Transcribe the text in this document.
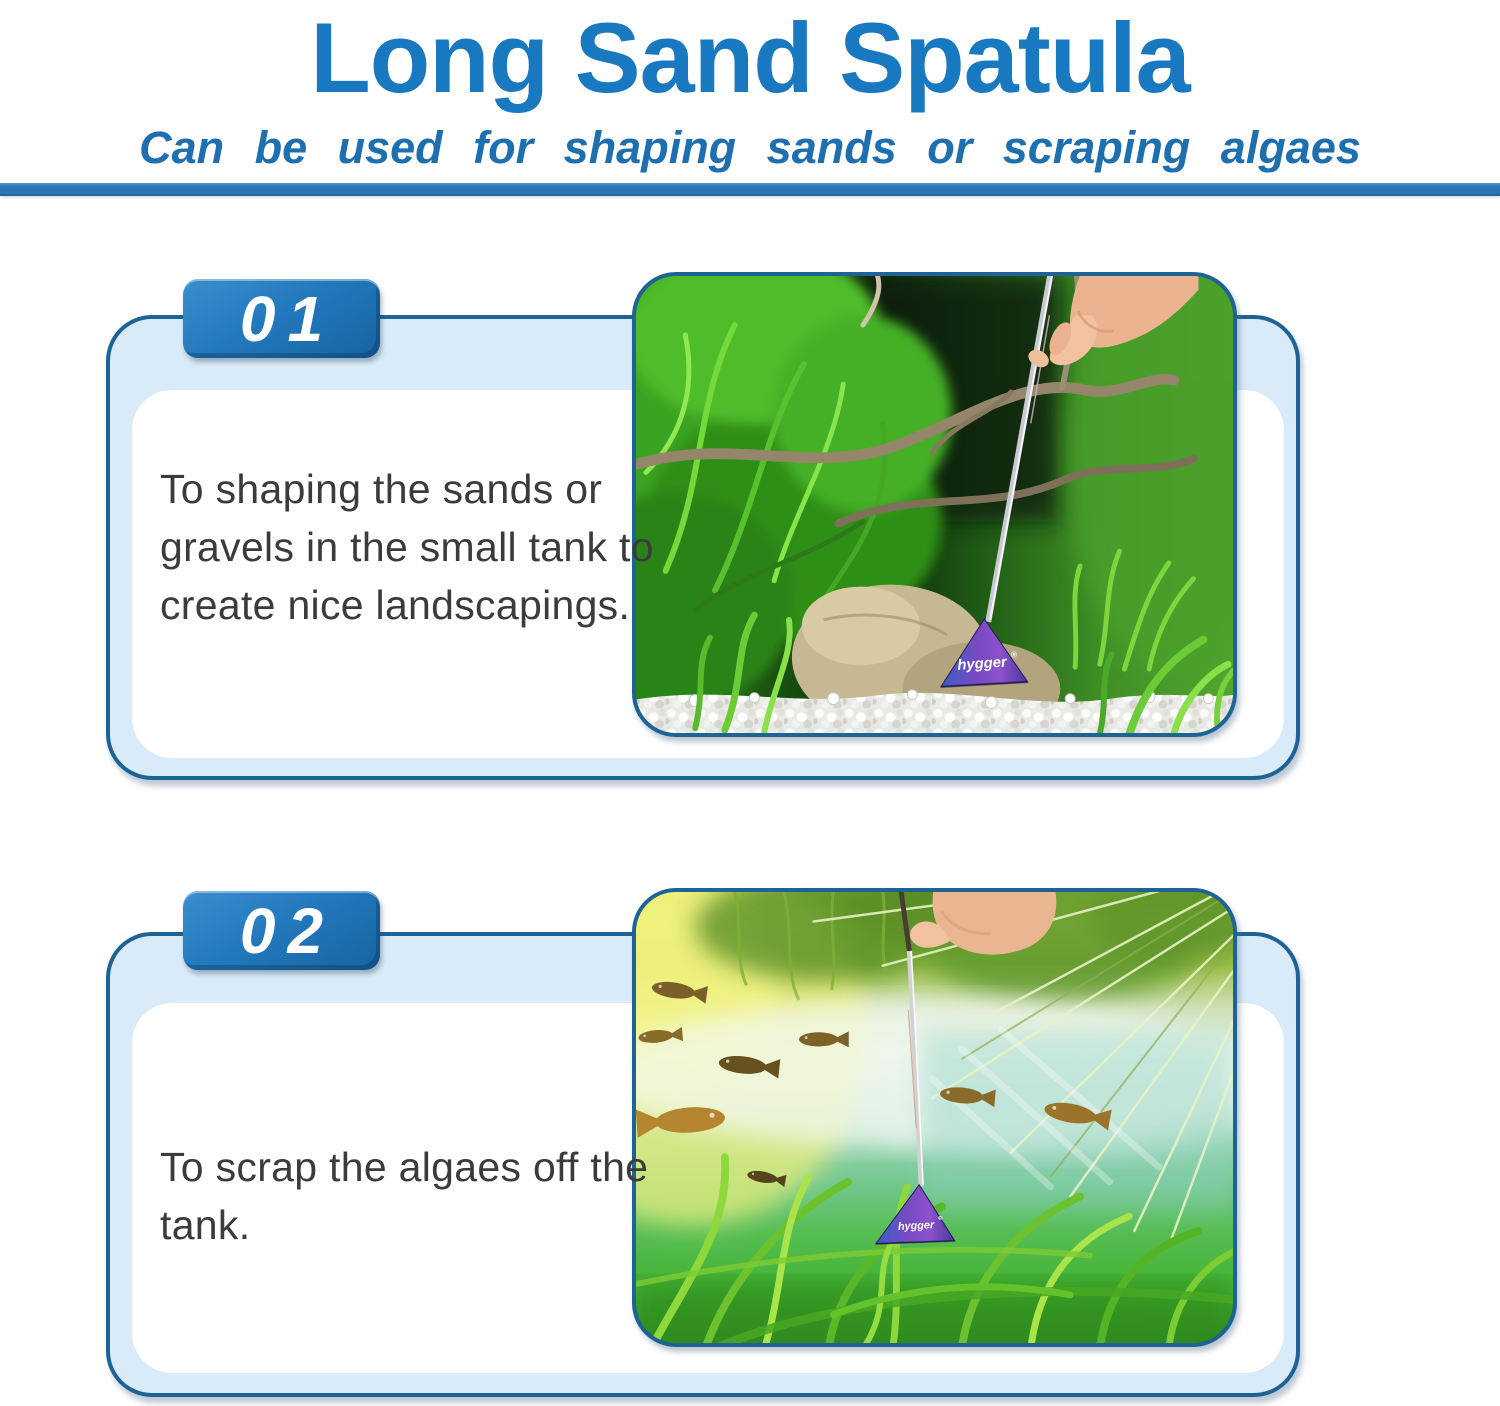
Long Sand Spatula
Can be used for shaping sands or scraping algaes
01
To shaping the sands or gravels in the small tank to create nice landscapings.
hygger ®
02
To scrap the algaes off the tank.	hygger ®
